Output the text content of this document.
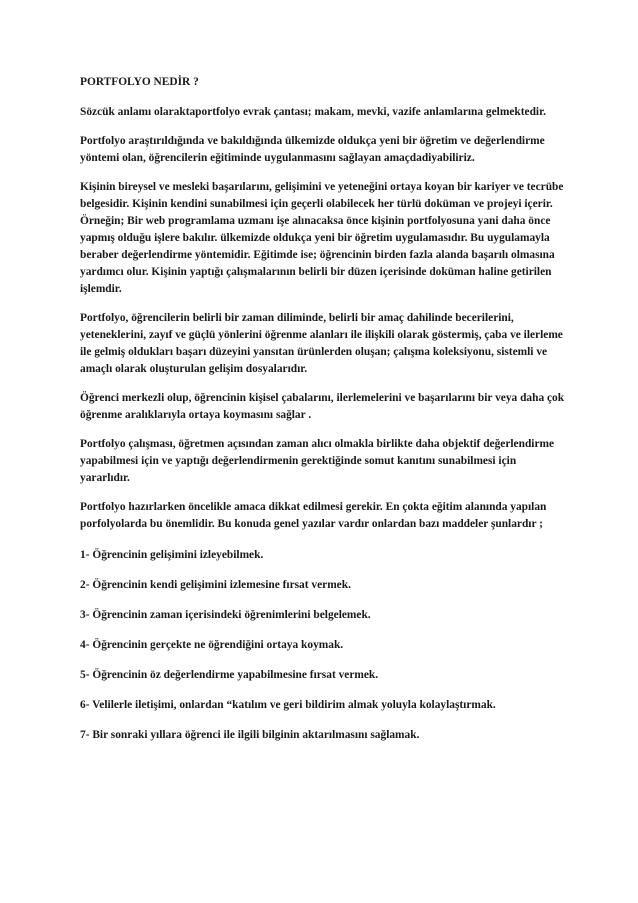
PORTFOLYO NEDİR ?

Sözcük anlamı olaraktaportfolyo evrak çantası; makam, mevki, vazife anlamlarına gelmektedir.

Portfolyo araştırıldığında ve bakıldığında ülkemizde oldukça yeni bir öğretim ve değerlendirme yöntemi olan, öğrencilerin eğitiminde uygulanmasını sağlayan amaçdadiyabiliriz.

Kişinin bireysel ve mesleki başarılarını, gelişimini ve yeteneğini ortaya koyan bir kariyer ve tecrübe belgesidir. Kişinin kendini sunabilmesi için geçerli olabilecek her türlü doküman ve projeyi içerir. Örneğin; Bir web programlama uzmanı işe alınacaksa önce kişinin portfolyosuna yani daha önce yapmış olduğu işlere bakılır. ülkemizde oldukça yeni bir öğretim uygulamasıdır. Bu uygulamayla beraber değerlendirme yöntemidir. Eğitimde ise; öğrencinin birden fazla alanda başarılı olmasına yardımcı olur. Kişinin yaptığı çalışmalarının belirli bir düzen içerisinde doküman haline getirilen işlemdir.

Portfolyo, öğrencilerin belirli bir zaman diliminde, belirli bir amaç dahilinde becerilerini, yeteneklerini, zayıf ve güçlü yönlerini öğrenme alanları ile ilişkili olarak göstermiş, çaba ve ilerleme ile gelmiş oldukları başarı düzeyini yansıtan ürünlerden oluşan; çalışma koleksiyonu, sistemli ve amaçlı olarak oluşturulan gelişim dosyalarıdır.

Öğrenci merkezli olup, öğrencinin kişisel çabalarını, ilerlemelerini ve başarılarını bir veya daha çok öğrenme aralıklarıyla ortaya koymasını sağlar .

Portfolyo çalışması, öğretmen açısından zaman alıcı olmakla birlikte daha objektif değerlendirme yapabilmesi için ve yaptığı değerlendirmenin gerektiğinde somut kanıtını sunabilmesi için yararlıdır.

Portfolyo hazırlarken öncelikle amaca dikkat edilmesi gerekir. En çokta eğitim alanında yapılan porfolyolarda bu önemlidir. Bu konuda genel yazılar vardır onlardan bazı maddeler şunlardır ;

1- Öğrencinin gelişimini izleyebilmek.

2- Öğrencinin kendi gelişimini izlemesine fırsat vermek.

3- Öğrencinin zaman içerisindeki öğrenimlerini belgelemek.

4- Öğrencinin gerçekte ne öğrendiğini ortaya koymak.

5- Öğrencinin öz değerlendirme yapabilmesine fırsat vermek.

6- Velilerle iletişimi, onlardan “katılım ve geri bildirim almak yoluyla kolaylaştırmak.

7- Bir sonraki yıllara öğrenci ile ilgili bilginin aktarılmasını sağlamak.
